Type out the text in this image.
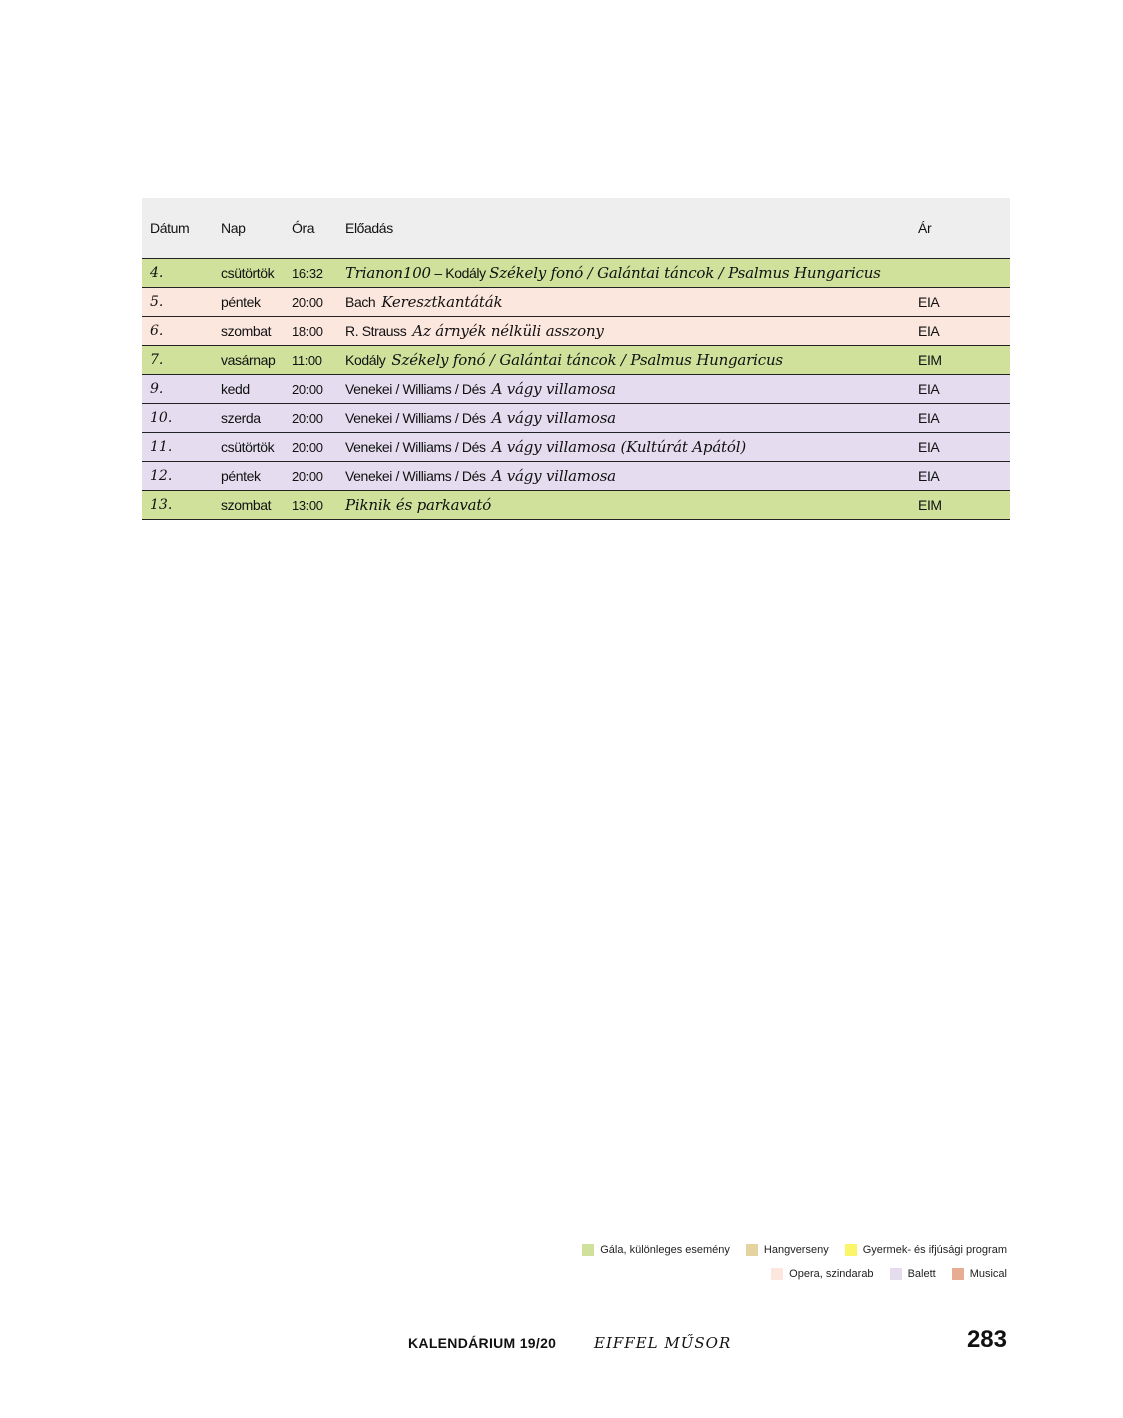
Dátum	Nap	Óra	Előadás	Ár
4.	csütörtök	16:32	Trianon100 – Kodály Székely fonó / Galántai táncok / Psalmus Hungaricus	
5.	péntek	20:00	Bach Keresztkantáták	EIA
6.	szombat	18:00	R. Strauss Az árnyék nélküli asszony	EIA
7.	vasárnap	11:00	Kodály Székely fonó / Galántai táncok / Psalmus Hungaricus	EIM
9.	kedd	20:00	Venekei / Williams / Dés A vágy villamosa	EIA
10.	szerda	20:00	Venekei / Williams / Dés A vágy villamosa	EIA
11.	csütörtök	20:00	Venekei / Williams / Dés A vágy villamosa (Kultúrát Apától)	EIA
12.	péntek	20:00	Venekei / Williams / Dés A vágy villamosa	EIA
13.	szombat	13:00	Piknik és parkavató	EIM
Gála, különleges esemény	Hangverseny	Gyermek- és ifjúsági program
Opera, szindarab	Balett	Musical
KALENDÁRIUM 19/20	EIFFEL MŰSOR	283
